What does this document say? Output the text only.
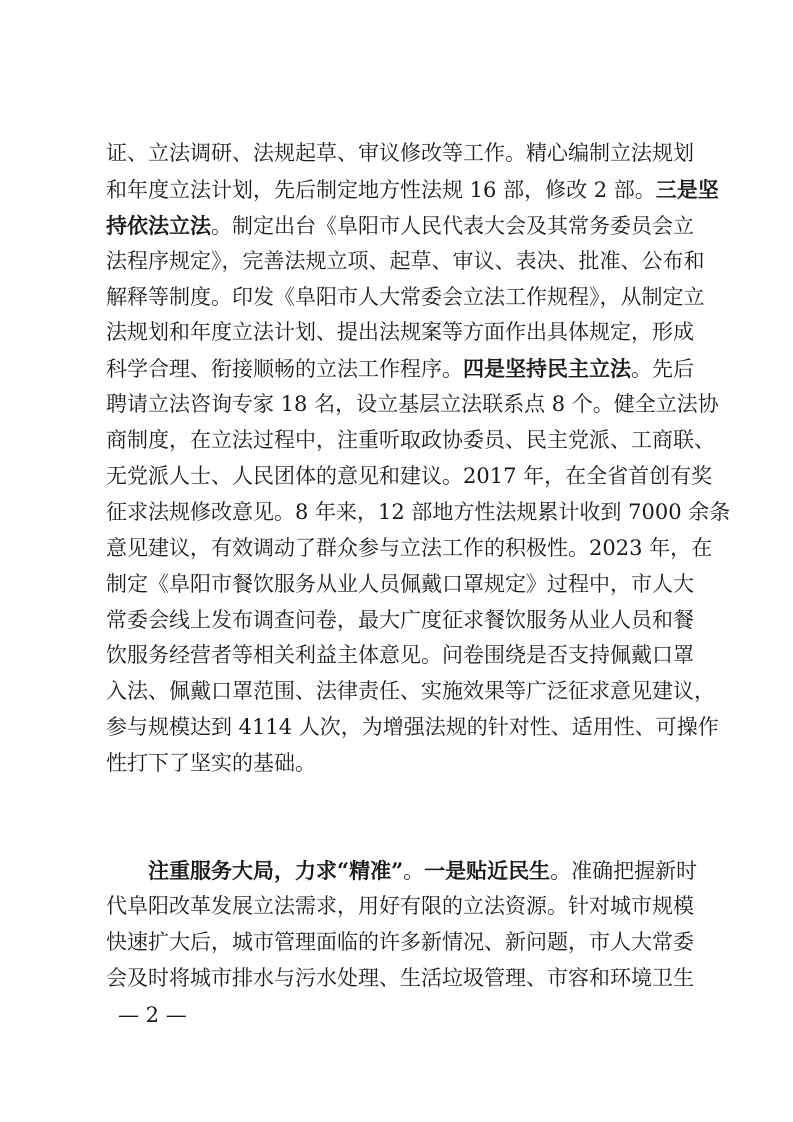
证、立法调研、法规起草、审议修改等工作。精心编制立法规划
和年度立法计划，先后制定地方性法规 16 部，修改 2 部。三是坚
持依法立法。制定出台《阜阳市人民代表大会及其常务委员会立
法程序规定》，完善法规立项、起草、审议、表决、批准、公布和
解释等制度。印发《阜阳市人大常委会立法工作规程》，从制定立
法规划和年度立法计划、提出法规案等方面作出具体规定，形成
科学合理、衔接顺畅的立法工作程序。四是坚持民主立法。先后
聘请立法咨询专家 18 名，设立基层立法联系点 8 个。健全立法协
商制度，在立法过程中，注重听取政协委员、民主党派、工商联、
无党派人士、人民团体的意见和建议。2017 年，在全省首创有奖
征求法规修改意见。8 年来，12 部地方性法规累计收到 7000 余条
意见建议，有效调动了群众参与立法工作的积极性。2023 年，在
制定《阜阳市餐饮服务从业人员佩戴口罩规定》过程中，市人大
常委会线上发布调查问卷，最大广度征求餐饮服务从业人员和餐
饮服务经营者等相关利益主体意见。问卷围绕是否支持佩戴口罩
入法、佩戴口罩范围、法律责任、实施效果等广泛征求意见建议，
参与规模达到 4114 人次，为增强法规的针对性、适用性、可操作
性打下了坚实的基础。
　　注重服务大局，力求“精准”。一是贴近民生。准确把握新时
代阜阳改革发展立法需求，用好有限的立法资源。针对城市规模
快速扩大后，城市管理面临的许多新情况、新问题，市人大常委
会及时将城市排水与污水处理、生活垃圾管理、市容和环境卫生
— 2 —
